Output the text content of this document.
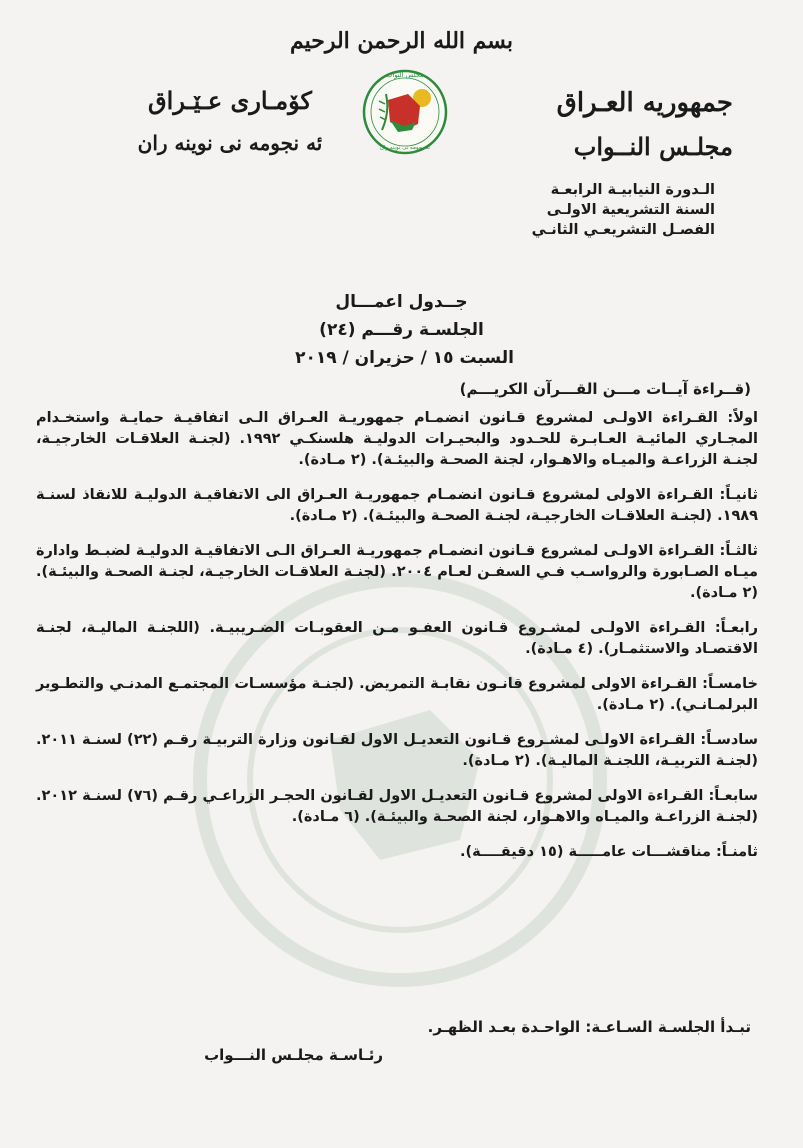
بسم الله الرحمن الرحيم
جمهوريه العـراق
مجلـس النــواب
كۆمـاری عـێـراق
ئه نجومه نی نوینه ران
مجلس النواب
ئه نجومه نی نوینه ران
الـدورة النيابيـة الرابعـة
السنة التشريعية الاولـى
الفصـل التشريعـي الثانـي
جــدول اعمـــال
الجلسـة رقـــم (٢٤)
السبت ١٥ / حزيران / ٢٠١٩
(قــراءة آيــات مـــن القـــرآن الكريـــم)
اولاً: القـراءة الاولـى لمشروع قـانون انضمـام جمهوريـة العـراق الـى اتفاقيـة حمايـة واستخـدام المجـاري المائيـة العـابـرة للحـدود والبحيـرات الدوليـة هلسنكـي ١٩٩٢. (لجنـة العلاقـات الخارجيـة، لجنـة الزراعـة والميـاه والاهـوار، لجنة الصحـة والبيئـة). (٢ مـادة).
ثانيـاً: القـراءة الاولى لمشروع قـانون انضمـام جمهوريـة العـراق الى الاتفاقيـة الدوليـة للانقاذ لسنـة ١٩٨٩. (لجنـة العلاقـات الخارجيـة، لجنـة الصحـة والبيئـة). (٢ مـادة).
ثالثـاً: القـراءة الاولـى لمشروع قـانون انضمـام جمهوريـة العـراق الـى الاتفاقيـة الدوليـة لضبـط وادارة ميـاه الصـابورة والرواسـب فـي السفـن لعـام ٢٠٠٤. (لجنـة العلاقـات الخارجيـة، لجنـة الصحـة والبيئـة). (٢ مـادة).
رابعـاً: القـراءة الاولـى لمشـروع قـانون العفـو مـن العقوبـات الضـريبيـة. (اللجنـة الماليـة، لجنـة الاقتصـاد والاستثمـار). (٤ مـادة).
خامسـاً: القـراءة الاولى لمشروع قانـون نقابـة التمريض. (لجنـة مؤسسـات المجتمـع المدنـي والتطـوير البرلمـانـي). (٢ مـادة).
سادسـاً: القـراءة الاولـى لمشـروع قـانون التعديـل الاول لقـانون وزارة التربيـة رقـم (٢٢) لسنـة ٢٠١١. (لجنـة التربيـة، اللجنـة الماليـة). (٢ مـادة).
سابعـاً: القـراءة الاولى لمشروع قـانون التعديـل الاول لقـانون الحجـر الزراعـي رقـم (٧٦) لسنـة ٢٠١٢. (لجنـة الزراعـة والميـاه والاهـوار، لجنة الصحـة والبيئـة). (٦ مـادة).
ثامنـاً: مناقشـــات عامـــــة (١٥ دقيقــــة).
تبـدأ الجلسـة السـاعـة: الواحـدة بعـد الظهـر.
رئـاسـة مجلـس النـــواب
